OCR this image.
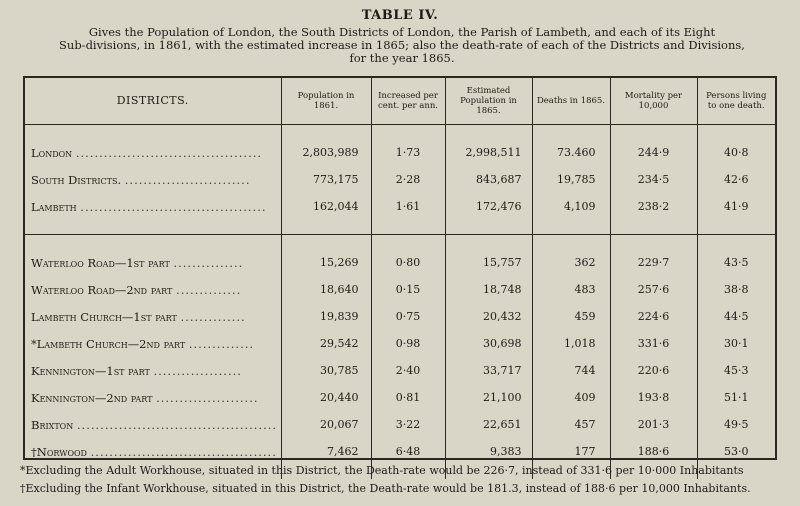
TABLE IV.
Gives the Population of London, the South Districts of London, the Parish of Lambeth, and each of its Eight
Sub-divisions, in 1861, with the estimated increase in 1865; also the death-rate of each of the Districts and Divisions,
for the year 1865.
DISTRICTS.	Population in 1861.	Increased per cent. per ann.	Estimated Population in 1865.	Deaths in 1865.	Mortality per 10,000	Persons living to one death.

London ........................................	2,803,989	1·73	2,998,511	73.460	244·9	40·8
South Districts. ...........................	773,175	2·28	843,687	19,785	234·5	42·6
Lambeth ........................................	162,044	1·61	172,476	4,109	238·2	41·9

Waterloo Road—1st part ...............	15,269	0·80	15,757	362	229·7	43·5
Waterloo Road—2nd part ..............	18,640	0·15	18,748	483	257·6	38·8
Lambeth Church—1st part ..............	19,839	0·75	20,432	459	224·6	44·5
*Lambeth Church—2nd part ..............	29,542	0·98	30,698	1,018	331·6	30·1
Kennington—1st part ...................	30,785	2·40	33,717	744	220·6	45·3
Kennington—2nd part ......................	20,440	0·81	21,100	409	193·8	51·1
Brixton ...........................................	20,067	3·22	22,651	457	201·3	49·5
†Norwood ........................................	7,462	6·48	9,383	177	188·6	53·0

*Excluding the Adult Workhouse, situated in this District, the Death-rate would be 226·7, instead of 331·6 per 10·000 Inhabitants
†Excluding the Infant Workhouse, situated in this District, the Death-rate would be 181.3, instead of 188·6 per 10,000 Inhabitants.
